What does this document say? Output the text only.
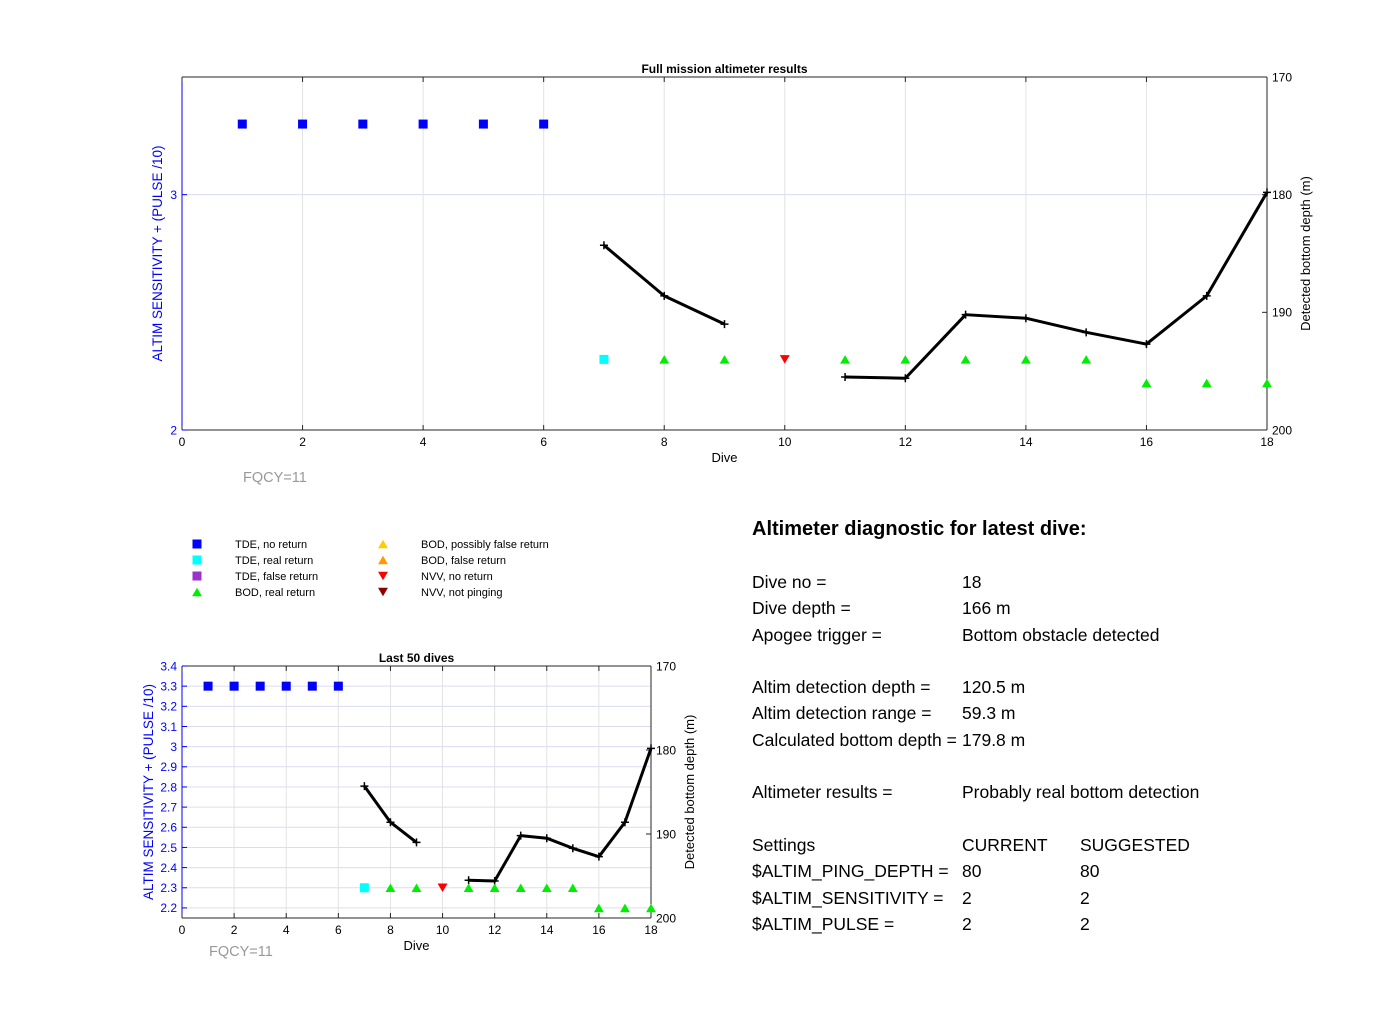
0	2	4	6	8	10	12	14	16	18
2
3
170
180
190
200
Full mission altimeter results
Dive
ALTIM SENSITIVITY + (PULSE /10)	Detected bottom depth (m)
FQCY=11
0	2	4	6	8	10	12	14	16	18
2.2
2.3
2.4
2.5
2.6
2.7
2.8
2.9
3
3.1
3.2
3.3
3.4	170
180
190
200
Last 50 dives
Dive
ALTIM SENSITIVITY + (PULSE /10)	Detected bottom depth (m)
FQCY=11
TDE, no return
TDE, real return
TDE, false return
BOD, real return
BOD, possibly false return
BOD, false return
NVV, no return
NVV, not pinging
Altimeter diagnostic for latest dive:
Dive no =	18
Dive depth =	166 m
Apogee trigger =	Bottom obstacle detected
Altim detection depth =	120.5 m
Altim detection range =	59.3 m
Calculated bottom depth = 179.8 m
Altimeter results =	Probably real bottom detection
Settings	CURRENT	SUGGESTED
$ALTIM_PING_DEPTH = 80	80
$ALTIM_SENSITIVITY =	2	2
$ALTIM_PULSE =	2	2
